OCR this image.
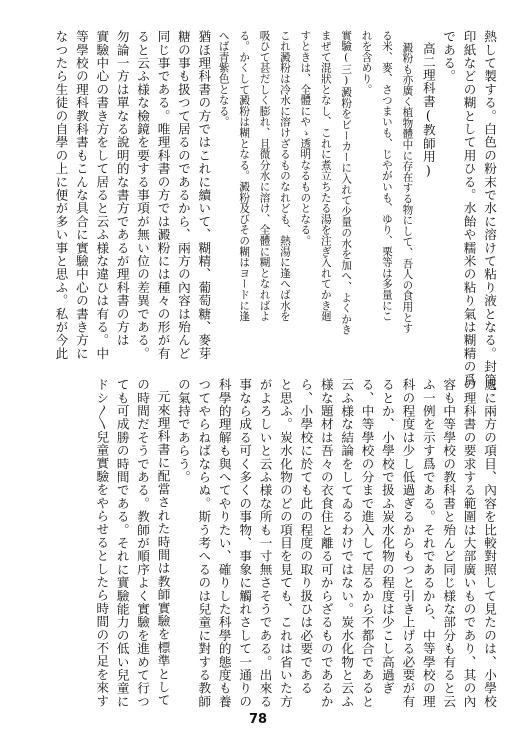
熱して製する。白色の粉末で水に溶けて粘り液となる。封筒、

印紙などの糊として用ひる。水飴や糯米の粘り氣は糊精の爲

である。

高二理科書(教師用)

澱粉も亦廣く植物體中に存在する物にして、吾人の食用とす

る米、麥、さつまいも、じやがいも、ゆり、栗等は多量にこ

れを含めり。

實驗(三)澱粉をビーカーに入れて少量の水を加へ、よくかき

まぜて混狀となし、これに煮立ちたる湯を注ぎ入れてかき廻

すときは、全體にやゝ透明なるものとなる。

これ澱粉は冷水に溶けざるものなれども、熱湯に逢へば水を

吸ひて甚だしく膨れ、且微分水に溶け、全體に糊となればよ

る。かくして澱粉は糊となる。澱粉及びその糊はヨードに逢

へば青紫色となる。

猶ほ理科書の方ではこれに續いて、糊精、葡萄糖、麥芽

糖の事も扱つて居るのであるから、兩方の內容は殆んど

同じ事である。唯理科書の方では澱粉には種々の形が有

ると云ふ様な檢鏡を要する事項が無い位の差異である。

勿論一方は單なる說明的な書方であるが理科書の方は

實驗中心の書き方をして居ると云ふ様な違ひは有る。中

等學校の理科教科書もこんな具合に實驗中心の書き方に

なつたら生徒の自學の上に便が多い事と思ふ。私が今此

處に兩方の項目、內容を比較對照して見たのは、小學校

の理科書の要求する範圍は大部廣いものであり、其の內

容も中等學校の教科書と殆んど同じ様な部分も有ると云

ふ一例を示す爲である。それであるから、中等學校の理

科の程度は少し低過ぎるからもつと引き上げる必要が有

るとか、小學校で扱ふ炭水化物の程度は少こし高過ぎ

る、中等學校の分まで進入して居るから不都合であると

云ふ様な結論をしてゐるわけではない。炭水化物と云ふ

様な題材は吾々の衣食住と離る可からざるものであるか

ら、小學校に於ても此の程度の取り扱ひは必要である

と思ふ。炭水化物のどの項目を見ても、これは省いた方

がよろしいと云ふ様な所も一寸無さそうである。出來る

事なら成る可く多くの事物、事象に觸れさして一通りの

科學的理解も與へてやりたい、確りした科學的態度も養

つてやらねばならぬ。斯う考へるのは兒童に對する教師

の氣持であらう。

元來理科書に配當された時間は教師實驗を標準として

の時間だそうである。教師が順序よく實驗を進めて行つ

ても可成勝の時間である。それに實驗能力の低い兒童に

ドシ〳〵兒童實驗をやらせるとしたら時間の不足を來す

78
